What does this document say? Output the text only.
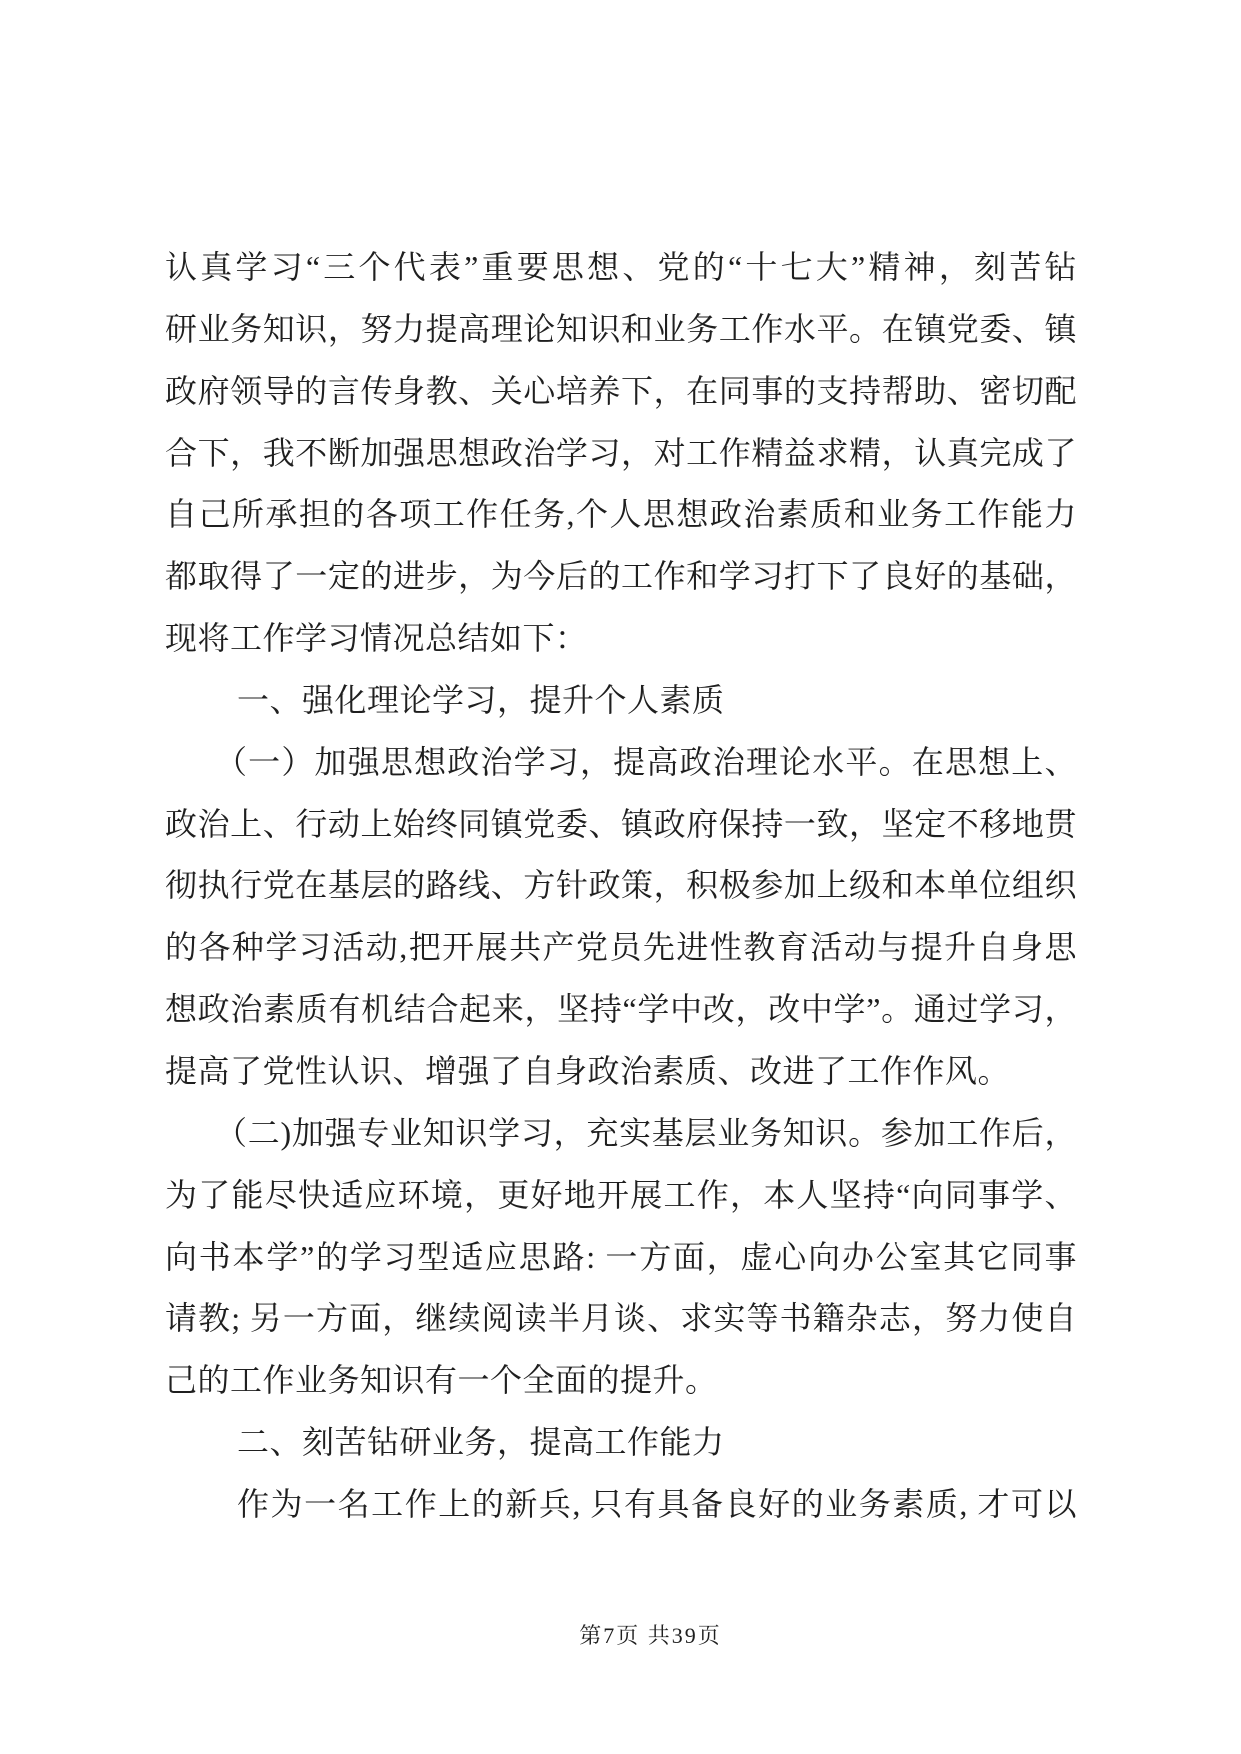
认真学习“三个代表”重要思想、党的“十七大”精神，刻苦钻
研业务知识，努力提高理论知识和业务工作水平。在镇党委、镇
政府领导的言传身教、关心培养下，在同事的支持帮助、密切配
合下，我不断加强思想政治学习，对工作精益求精，认真完成了
自己所承担的各项工作任务,个人思想政治素质和业务工作能力
都取得了一定的进步，为今后的工作和学习打下了良好的基础，
现将工作学习情况总结如下：
一、强化理论学习，提升个人素质
（一）加强思想政治学习，提高政治理论水平。在思想上、
政治上、行动上始终同镇党委、镇政府保持一致，坚定不移地贯
彻执行党在基层的路线、方针政策，积极参加上级和本单位组织
的各种学习活动,把开展共产党员先进性教育活动与提升自身思
想政治素质有机结合起来，坚持“学中改，改中学”。通过学习，
提高了党性认识、增强了自身政治素质、改进了工作作风。
（二)加强专业知识学习，充实基层业务知识。参加工作后，
为了能尽快适应环境，更好地开展工作，本人坚持“向同事学、
向书本学”的学习型适应思路: 一方面，虚心向办公室其它同事
请教; 另一方面，继续阅读半月谈、求实等书籍杂志，努力使自
己的工作业务知识有一个全面的提升。
二、刻苦钻研业务，提高工作能力
作为一名工作上的新兵, 只有具备良好的业务素质, 才可以
第7页 共39页
